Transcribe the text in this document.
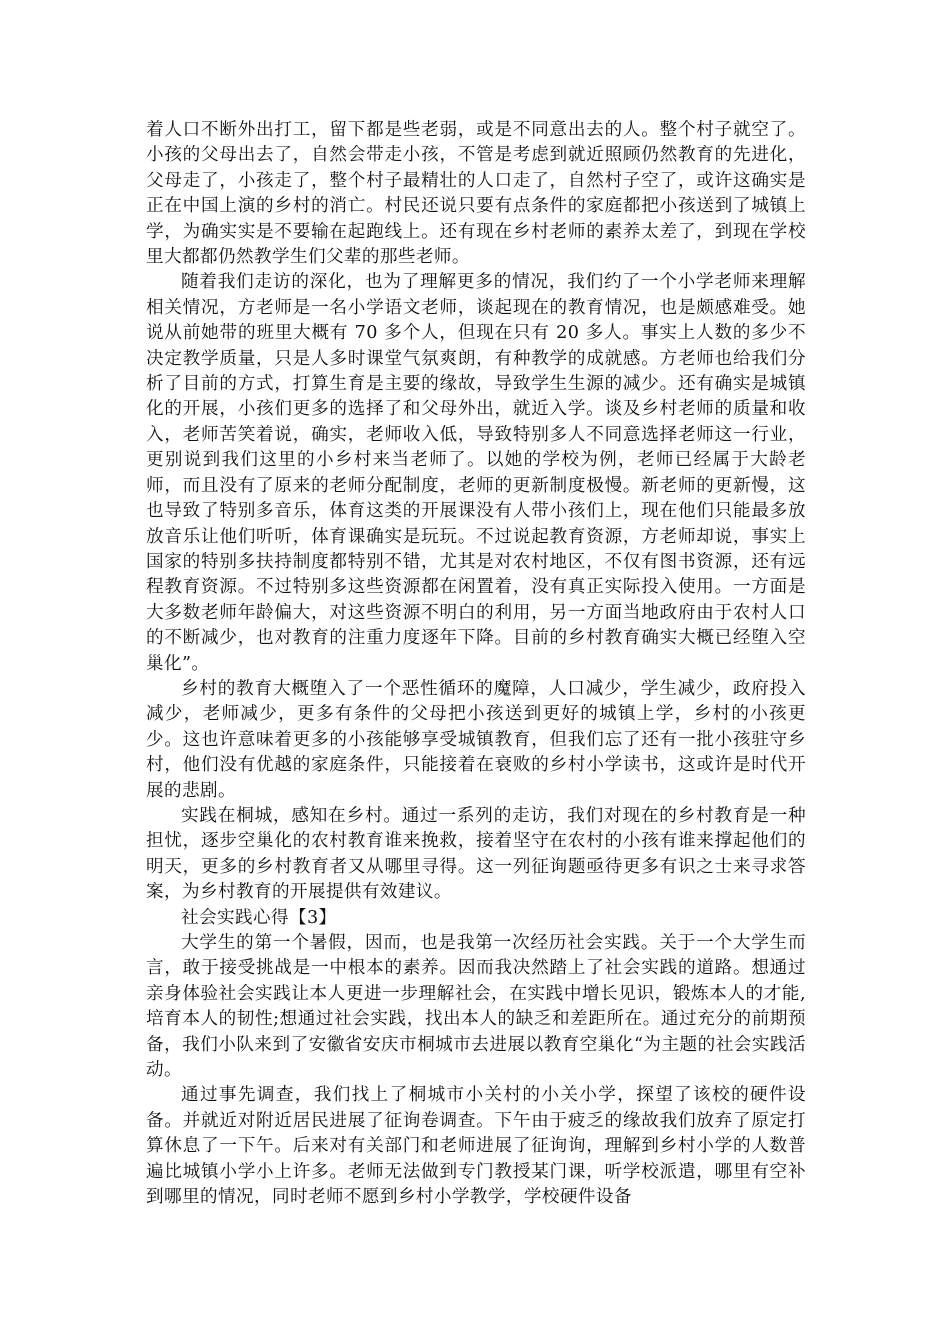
着人口不断外出打工，留下都是些老弱，或是不同意出去的人。整个村子就空了。小孩的父母出去了，自然会带走小孩，不管是考虑到就近照顾仍然教育的先进化，父母走了，小孩走了，整个村子最精壮的人口走了，自然村子空了，或许这确实是正在中国上演的乡村的消亡。村民还说只要有点条件的家庭都把小孩送到了城镇上学，为确实实是不要输在起跑线上。还有现在乡村老师的素养太差了，到现在学校里大都都仍然教学生们父辈的那些老师。

随着我们走访的深化，也为了理解更多的情况，我们约了一个小学老师来理解相关情况，方老师是一名小学语文老师，谈起现在的教育情况，也是颇感难受。她说从前她带的班里大概有 70 多个人，但现在只有 20 多人。事实上人数的多少不决定教学质量，只是人多时课堂气氛爽朗，有种教学的成就感。方老师也给我们分析了目前的方式，打算生育是主要的缘故，导致学生生源的减少。还有确实是城镇化的开展，小孩们更多的选择了和父母外出，就近入学。谈及乡村老师的质量和收入，老师苦笑着说，确实，老师收入低，导致特别多人不同意选择老师这一行业，更别说到我们这里的小乡村来当老师了。以她的学校为例，老师已经属于大龄老师，而且没有了原来的老师分配制度，老师的更新制度极慢。新老师的更新慢，这也导致了特别多音乐，体育这类的开展课没有人带小孩们上，现在他们只能最多放放音乐让他们听听，体育课确实是玩玩。不过说起教育资源，方老师却说，事实上国家的特别多扶持制度都特别不错，尤其是对农村地区，不仅有图书资源，还有远程教育资源。不过特别多这些资源都在闲置着，没有真正实际投入使用。一方面是大多数老师年龄偏大，对这些资源不明白的利用，另一方面当地政府由于农村人口的不断减少，也对教育的注重力度逐年下降。目前的乡村教育确实大概已经堕入空巢化”。

乡村的教育大概堕入了一个恶性循环的魔障，人口减少，学生减少，政府投入减少，老师减少，更多有条件的父母把小孩送到更好的城镇上学，乡村的小孩更少。这也许意味着更多的小孩能够享受城镇教育，但我们忘了还有一批小孩驻守乡村，他们没有优越的家庭条件，只能接着在衰败的乡村小学读书，这或许是时代开展的悲剧。

实践在桐城，感知在乡村。通过一系列的走访，我们对现在的乡村教育是一种担忧，逐步空巢化的农村教育谁来挽救，接着坚守在农村的小孩有谁来撑起他们的明天，更多的乡村教育者又从哪里寻得。这一列征询题亟待更多有识之士来寻求答案，为乡村教育的开展提供有效建议。

社会实践心得【3】

大学生的第一个暑假，因而，也是我第一次经历社会实践。关于一个大学生而言，敢于接受挑战是一中根本的素养。因而我决然踏上了社会实践的道路。想通过亲身体验社会实践让本人更进一步理解社会，在实践中增长见识，锻炼本人的才能,培育本人的韧性;想通过社会实践，找出本人的缺乏和差距所在。通过充分的前期预备，我们小队来到了安徽省安庆市桐城市去进展以教育空巢化“为主题的社会实践活动。

通过事先调查，我们找上了桐城市小关村的小关小学，探望了该校的硬件设备。并就近对附近居民进展了征询卷调查。下午由于疲乏的缘故我们放弃了原定打算休息了一下午。后来对有关部门和老师进展了征询询，理解到乡村小学的人数普遍比城镇小学小上许多。老师无法做到专门教授某门课，听学校派遣，哪里有空补到哪里的情况，同时老师不愿到乡村小学教学，学校硬件设备
